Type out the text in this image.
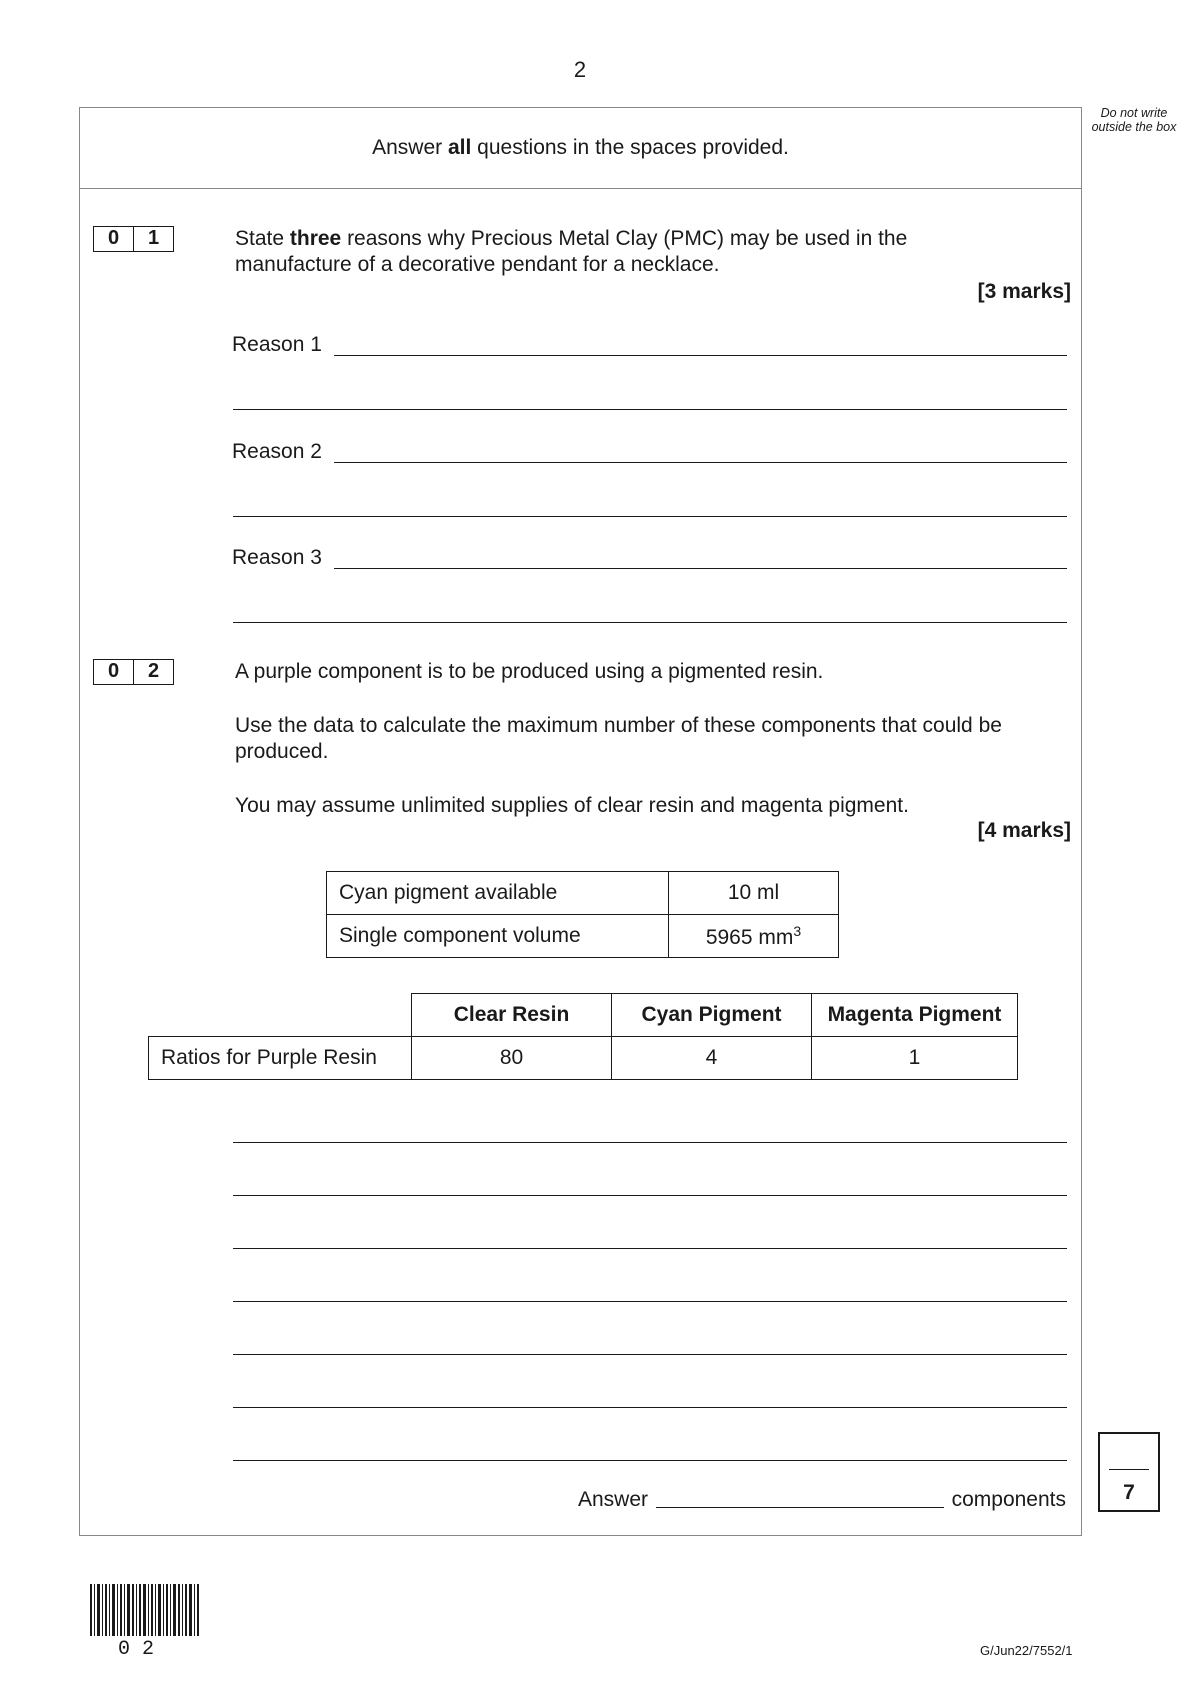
2
Do not write outside the box
Answer all questions in the spaces provided.
0	1	State three reasons why Precious Metal Clay (PMC) may be used in the manufacture of a decorative pendant for a necklace.
[3 marks]
Reason 1
Reason 2
Reason 3
0	2	A purple component is to be produced using a pigmented resin.
Use the data to calculate the maximum number of these components that could be produced.
You may assume unlimited supplies of clear resin and magenta pigment.
[4 marks]
Cyan pigment available	10 ml
Single component volume	5965 $mm^3$
	Clear Resin	Cyan Pigment	Magenta Pigment
Ratios for Purple Resin	80	4	1
Answer	components	7
02	G/Jun22/7552/1
